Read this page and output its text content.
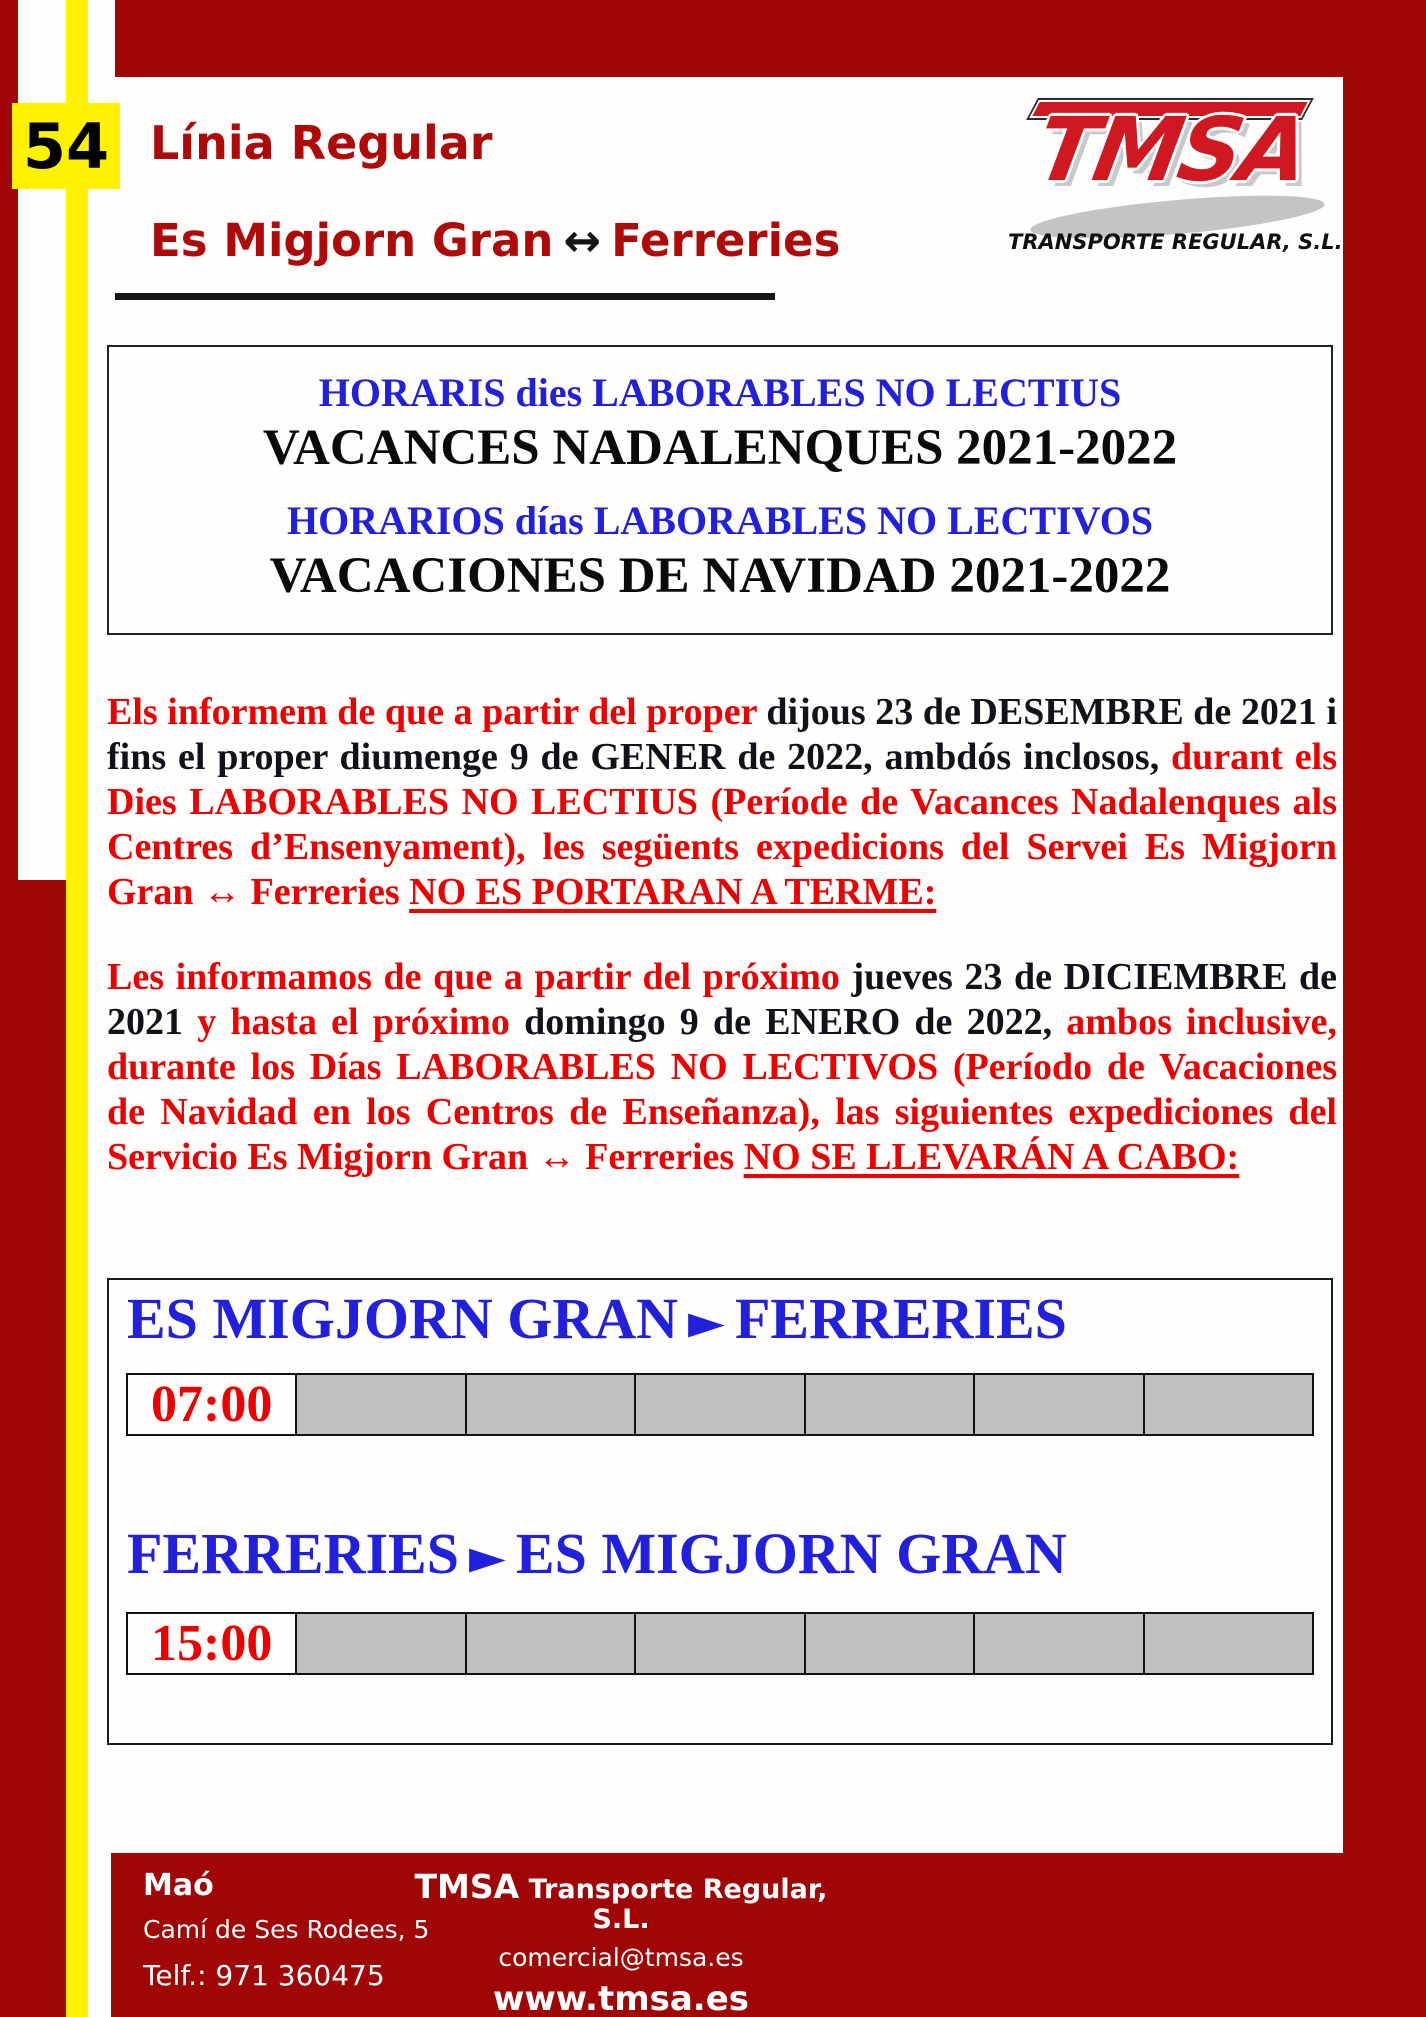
54 Línia Regular
Es Migjorn Gran ↔ Ferreries
TMSA
TRANSPORTE REGULAR, S.L.
HORARIS dies LABORABLES NO LECTIUS
VACANCES NADALENQUES 2021-2022
HORARIOS días LABORABLES NO LECTIVOS
VACACIONES DE NAVIDAD 2021-2022
Els informem de que a partir del proper dijous 23 de DESEMBRE de 2021 i fins el proper diumenge 9 de GENER de 2022, ambdós inclosos, durant els Dies LABORABLES NO LECTIUS (Període de Vacances Nadalenques als Centres d’Ensenyament), les següents expedicions del Servei Es Migjorn Gran ↔ Ferreries NO ES PORTARAN A TERME:
Les informamos de que a partir del próximo jueves 23 de DICIEMBRE de 2021 y hasta el próximo domingo 9 de ENERO de 2022, ambos inclusive, durante los Días LABORABLES NO LECTIVOS (Período de Vacaciones de Navidad en los Centros de Enseñanza), las siguientes expediciones del Servicio Es Migjorn Gran ↔ Ferreries NO SE LLEVARÁN A CABO:
ES MIGJORN GRAN ► FERRERIES
07:00
FERRERIES ► ES MIGJORN GRAN
15:00
Maó
Camí de Ses Rodees, 5
Telf.: 971 360475
TMSA Transporte Regular, S.L.
comercial@tmsa.es
www.tmsa.es
